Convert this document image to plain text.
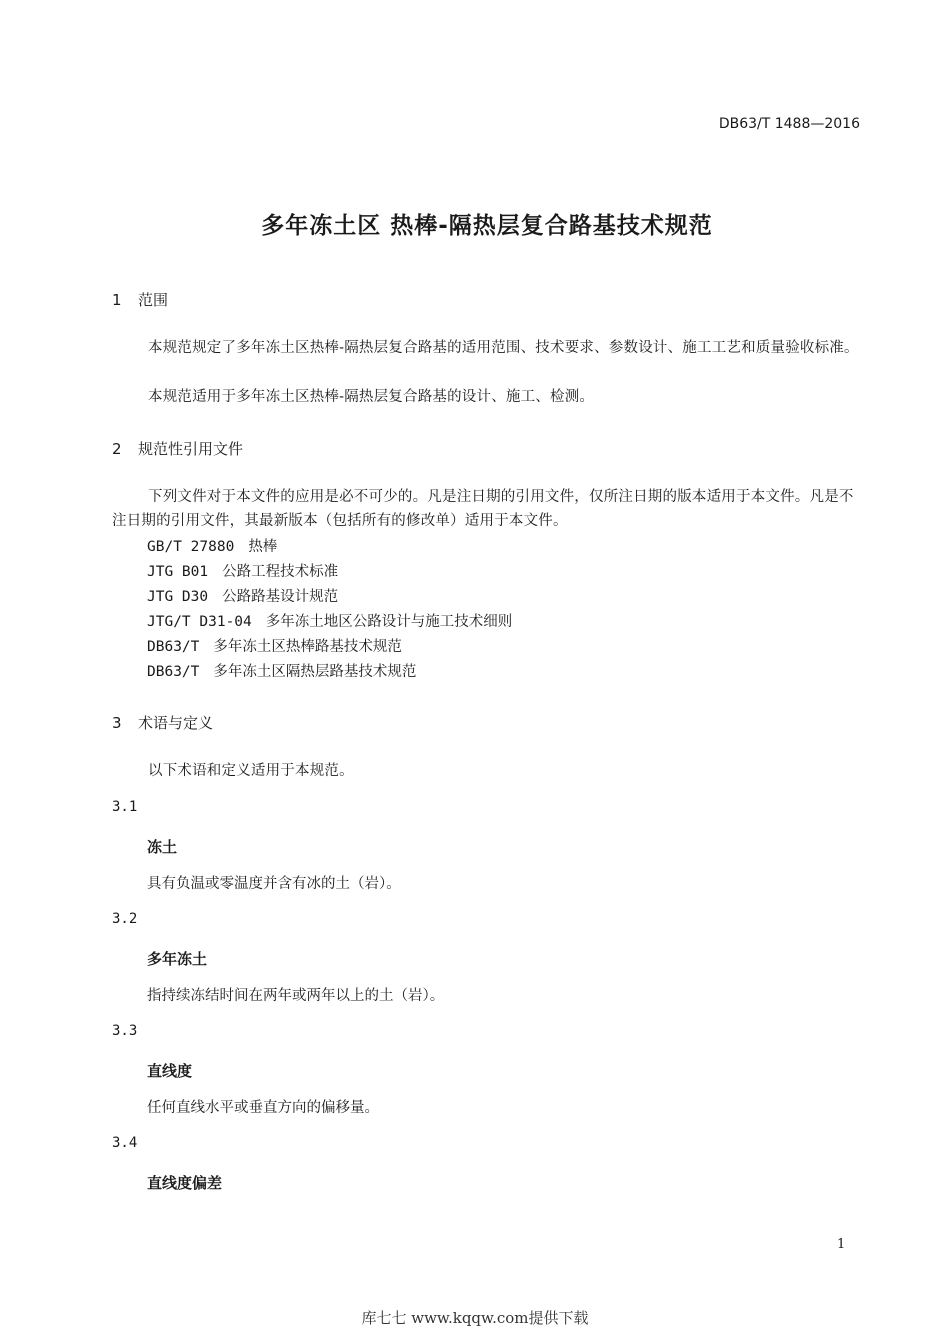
DB63/T 1488—2016
多年冻土区 热棒-隔热层复合路基技术规范
1 范围
本规范规定了多年冻土区热棒-隔热层复合路基的适用范围、技术要求、参数设计、施工工艺和质量验收标准。
本规范适用于多年冻土区热棒-隔热层复合路基的设计、施工、检测。
2 规范性引用文件
下列文件对于本文件的应用是必不可少的。凡是注日期的引用文件，仅所注日期的版本适用于本文件。凡是不注日期的引用文件，其最新版本（包括所有的修改单）适用于本文件。
GB/T 27880 热棒
JTG B01 公路工程技术标准
JTG D30 公路路基设计规范
JTG/T D31-04 多年冻土地区公路设计与施工技术细则
DB63/T 多年冻土区热棒路基技术规范
DB63/T 多年冻土区隔热层路基技术规范
3 术语与定义
以下术语和定义适用于本规范。
3.1
冻土
具有负温或零温度并含有冰的土（岩）。
3.2
多年冻土
指持续冻结时间在两年或两年以上的土（岩）。
3.3
直线度
任何直线水平或垂直方向的偏移量。
3.4
直线度偏差
1
库七七 www.kqqw.com提供下载
